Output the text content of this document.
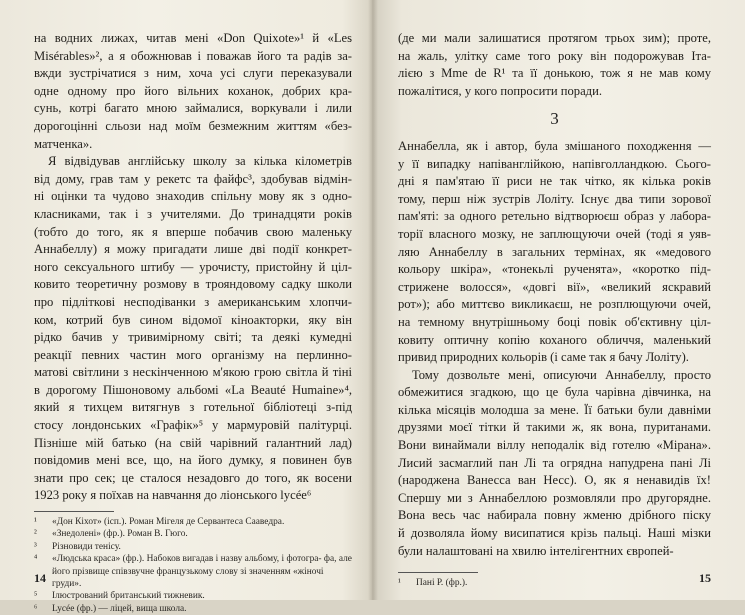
на водних лижах, читав мені «Don Quixote»¹ й «Les
Misérables»², а я обожнював і поважав його та радів за-
вжди зустрічатися з ним, хоча усі слуги переказували
одне одному про його вільних коханок, добрих кра-
сунь, котрі багато мною займалися, воркували і лили
дорогоцінні сльози над моїм безмежним життям «без-
матченка».
Я відвідував англійську школу за кілька кілометрів
від дому, грав там у рекетс та файфс³, здобував відмін-
ні оцінки та чудово знаходив спільну мову як з одно-
класниками, так і з учителями. До тринадцяти років
(тобто до того, як я вперше побачив свою маленьку
Аннабеллу) я можу пригадати лише дві події конкрет-
ного сексуального штибу — урочисту, пристойну й ціл-
ковито теоретичну розмову в трояндовому садку школи
про підліткові несподіванки з американським хлопчи-
ком, котрий був сином відомої кіноакторки, яку він
рідко бачив у тривимірному світі; та деякі кумедні
реакції певних частин мого організму на перлинно-
матові світлини з нескінченною м'якою грою світла й тіні
в дорогому Пішоновому альбомі «La Beauté Humaine»⁴,
який я тихцем витягнув з готельної бібліотеці з-під
стосу лондонських «Графік»⁵ у мармуровій палітурці.
Пізніше мій батько (на свій чарівний галантний лад)
повідомив мені все, що, на його думку, я повинен був
знати про сек; це сталося незадовго до того, як восени
1923 року я поїхав на навчання до ліонського lycée⁶
¹	«Дон Кіхот» (ісп.). Роман Мігеля де Сервантеса Сааведра.
²	«Знедолені» (фр.). Роман В. Гюго.
³	Різновиди тенісу.
⁴	«Людська краса» (фр.). Набоков вигадав і назву альбому, і фотогра- фа, але його прізвище співзвучне французькому слову зі значенням «жіночі груди».
⁵	Ілюстрований британський тижневик.
⁶	Lycée (фр.) — ліцей, вища школа.
14
(де ми мали залишатися протягом трьох зим); проте,
на жаль, улітку саме того року він подорожував Іта-
лією з Mme de R¹ та її донькою, тож я не мав кому
пожалітися, у кого попросити поради.
3
Аннабелла, як і автор, була змішаного походження —
у її випадку напіванглійкою, напівголландкою. Сього-
дні я пам'ятаю її риси не так чітко, як кілька років
тому, перш ніж зустрів Лоліту. Існує два типи зорової
пам'яті: за одного ретельно відтворюєш образ у лабора-
торії власного мозку, не заплющуючи очей (тоді я уяв-
ляю Аннабеллу в загальних термінах, як «медового
кольору шкіра», «тонекьлі рученята», «коротко під-
стрижене волосся», «довгі вії», «великий яскравий
рот»); або миттєво викликаєш, не розплющуючи очей,
на темному внутрішньому боці повік об'єктивну ціл-
ковиту оптичну копію коханого обличчя, маленький
привид природних кольорів (і саме так я бачу Лоліту).
Тому дозвольте мені, описуючи Аннабеллу, просто
обмежитися згадкою, що це була чарівна дівчинка, на
кілька місяців молодша за мене. Її батьки були давніми
друзями моєї тітки й такими ж, як вона, пуританами.
Вони винаймали віллу неподалік від готелю «Мірана».
Лисий засмаглий пан Лі та огрядна напудрена пані Лі
(народжена Ванесса ван Несс). О, як я ненавидів їх!
Спершу ми з Аннабеллою розмовляли про другорядне.
Вона весь час набирала повну жменю дрібного піску
й дозволяла йому висипатися крізь пальці. Наші мізки
були налаштовані на хвилю інтелігентних європей-
¹	Пані Р. (фр.).	15
